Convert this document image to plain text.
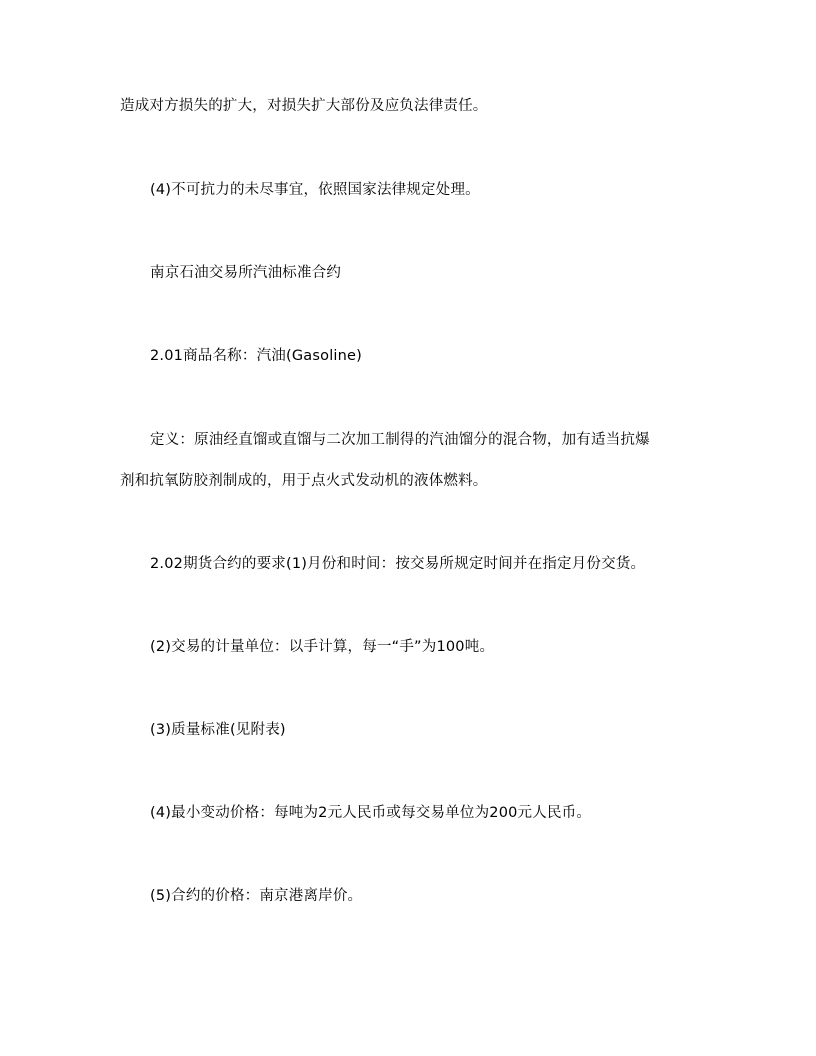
造成对方损失的扩大，对损失扩大部份及应负法律责任。
(4)不可抗力的未尽事宜，依照国家法律规定处理。
南京石油交易所汽油标准合约
2.01商品名称：汽油(Gasoline)
定义：原油经直馏或直馏与二次加工制得的汽油馏分的混合物，加有适当抗爆
剂和抗氧防胶剂制成的，用于点火式发动机的液体燃料。
2.02期货合约的要求(1)月份和时间：按交易所规定时间并在指定月份交货。
(2)交易的计量单位：以手计算，每一“手”为100吨。
(3)质量标准(见附表)
(4)最小变动价格：每吨为2元人民币或每交易单位为200元人民币。
(5)合约的价格：南京港离岸价。
